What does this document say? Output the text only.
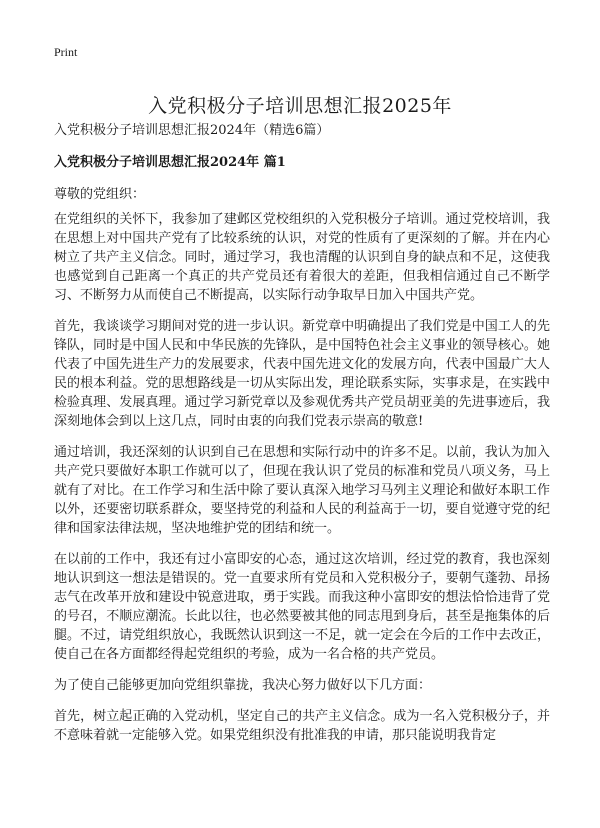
Print
入党积极分子培训思想汇报2025年
入党积极分子培训思想汇报2024年（精选6篇）
入党积极分子培训思想汇报2024年 篇1
尊敬的党组织：

在党组织的关怀下，我参加了建邺区党校组织的入党积极分子培训。通过党校培训，我在思想上对中国共产党有了比较系统的认识，对党的性质有了更深刻的了解。并在内心树立了共产主义信念。同时，通过学习，我也清醒的认识到自身的缺点和不足，这使我也感觉到自己距离一个真正的共产党员还有着很大的差距，但我相信通过自己不断学习、不断努力从而使自己不断提高，以实际行动争取早日加入中国共产党。

首先，我谈谈学习期间对党的进一步认识。新党章中明确提出了我们党是中国工人的先锋队，同时是中国人民和中华民族的先锋队，是中国特色社会主义事业的领导核心。她代表了中国先进生产力的发展要求，代表中国先进文化的发展方向，代表中国最广大人民的根本利益。党的思想路线是一切从实际出发，理论联系实际，实事求是，在实践中检验真理、发展真理。通过学习新党章以及参观优秀共产党员胡亚美的先进事迹后，我深刻地体会到以上这几点，同时由衷的向我们党表示崇高的敬意!

通过培训，我还深刻的认识到自己在思想和实际行动中的许多不足。以前，我认为加入共产党只要做好本职工作就可以了，但现在我认识了党员的标准和党员八项义务，马上就有了对比。在工作学习和生活中除了要认真深入地学习马列主义理论和做好本职工作以外，还要密切联系群众，要坚持党的利益和人民的利益高于一切，要自觉遵守党的纪律和国家法律法规，坚决地维护党的团结和统一。

在以前的工作中，我还有过小富即安的心态，通过这次培训，经过党的教育，我也深刻地认识到这一想法是错误的。党一直要求所有党员和入党积极分子，要朝气蓬勃、昂扬志气在改革开放和建设中锐意进取，勇于实践。而我这种小富即安的想法恰恰违背了党的号召，不顺应潮流。长此以往，也必然要被其他的同志甩到身后，甚至是拖集体的后腿。不过，请党组织放心，我既然认识到这一不足，就一定会在今后的工作中去改正，使自己在各方面都经得起党组织的考验，成为一名合格的共产党员。

为了使自己能够更加向党组织靠拢，我决心努力做好以下几方面：

首先，树立起正确的入党动机，坚定自己的共产主义信念。成为一名入党积极分子，并不意味着就一定能够入党。如果党组织没有批准我的申请，那只能说明我肯定
